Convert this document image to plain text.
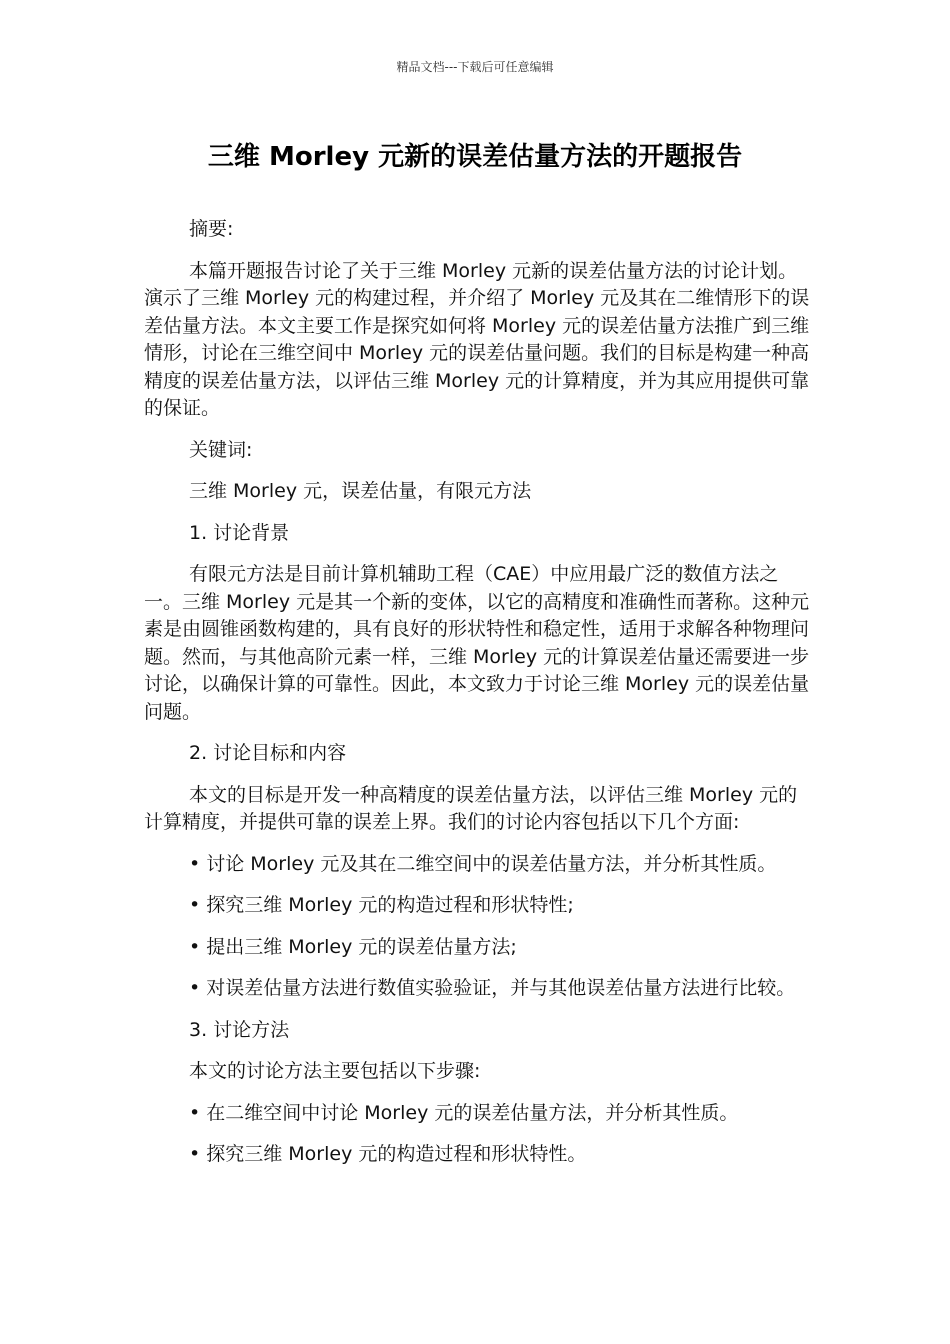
精品文档---下载后可任意编辑
三维 Morley 元新的误差估量方法的开题报告

摘要:

本篇开题报告讨论了关于三维 Morley 元新的误差估量方法的讨论计划。演示了三维 Morley 元的构建过程，并介绍了 Morley 元及其在二维情形下的误差估量方法。本文主要工作是探究如何将 Morley 元的误差估量方法推广到三维情形，讨论在三维空间中 Morley 元的误差估量问题。我们的目标是构建一种高精度的误差估量方法，以评估三维 Morley 元的计算精度，并为其应用提供可靠的保证。

关键词:

三维 Morley 元，误差估量，有限元方法

1. 讨论背景

有限元方法是目前计算机辅助工程（CAE）中应用最广泛的数值方法之一。三维 Morley 元是其一个新的变体，以它的高精度和准确性而著称。这种元素是由圆锥函数构建的，具有良好的形状特性和稳定性，适用于求解各种物理问题。然而，与其他高阶元素一样，三维 Morley 元的计算误差估量还需要进一步讨论，以确保计算的可靠性。因此，本文致力于讨论三维 Morley 元的误差估量问题。

2. 讨论目标和内容

本文的目标是开发一种高精度的误差估量方法，以评估三维 Morley 元的计算精度，并提供可靠的误差上界。我们的讨论内容包括以下几个方面:

• 讨论 Morley 元及其在二维空间中的误差估量方法，并分析其性质。

• 探究三维 Morley 元的构造过程和形状特性;

• 提出三维 Morley 元的误差估量方法;

• 对误差估量方法进行数值实验验证，并与其他误差估量方法进行比较。

3. 讨论方法

本文的讨论方法主要包括以下步骤:

• 在二维空间中讨论 Morley 元的误差估量方法，并分析其性质。

• 探究三维 Morley 元的构造过程和形状特性。
